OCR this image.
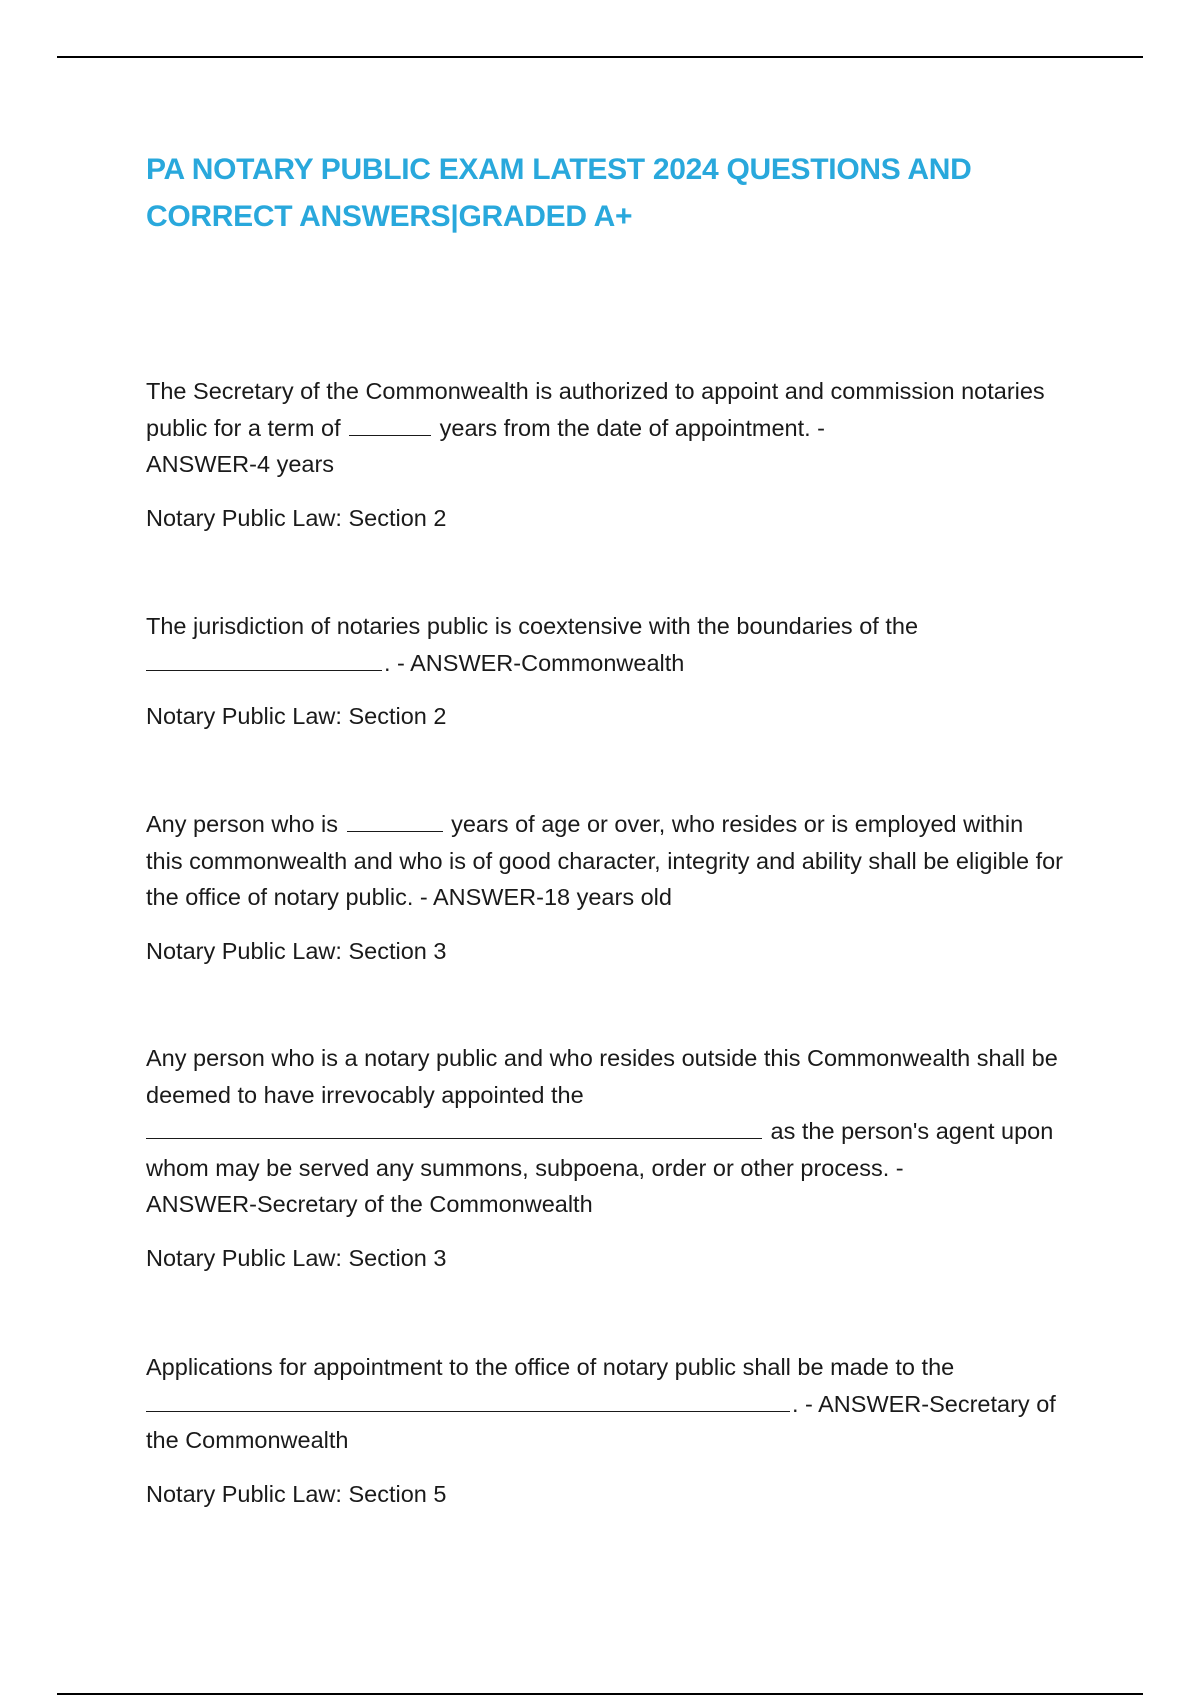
PA NOTARY PUBLIC EXAM LATEST 2024 QUESTIONS AND CORRECT ANSWERS|GRADED A+

The Secretary of the Commonwealth is authorized to appoint and commission notaries public for a term of	years from the date of appointment. -
ANSWER-4 years

Notary Public Law: Section 2

The jurisdiction of notaries public is coextensive with the boundaries of the . - ANSWER-Commonwealth

Notary Public Law: Section 2

Any person who is	years of age or over, who resides or is employed within this commonwealth and who is of good character, integrity and ability shall be eligible for the office of notary public. - ANSWER-18 years old

Notary Public Law: Section 3

Any person who is a notary public and who resides outside this Commonwealth shall be deemed to have irrevocably appointed the  as the person's agent upon whom may be served any summons, subpoena, order or other process. -
ANSWER-Secretary of the Commonwealth

Notary Public Law: Section 3

Applications for appointment to the office of notary public shall be made to the . - ANSWER-Secretary of the Commonwealth

Notary Public Law: Section 5
